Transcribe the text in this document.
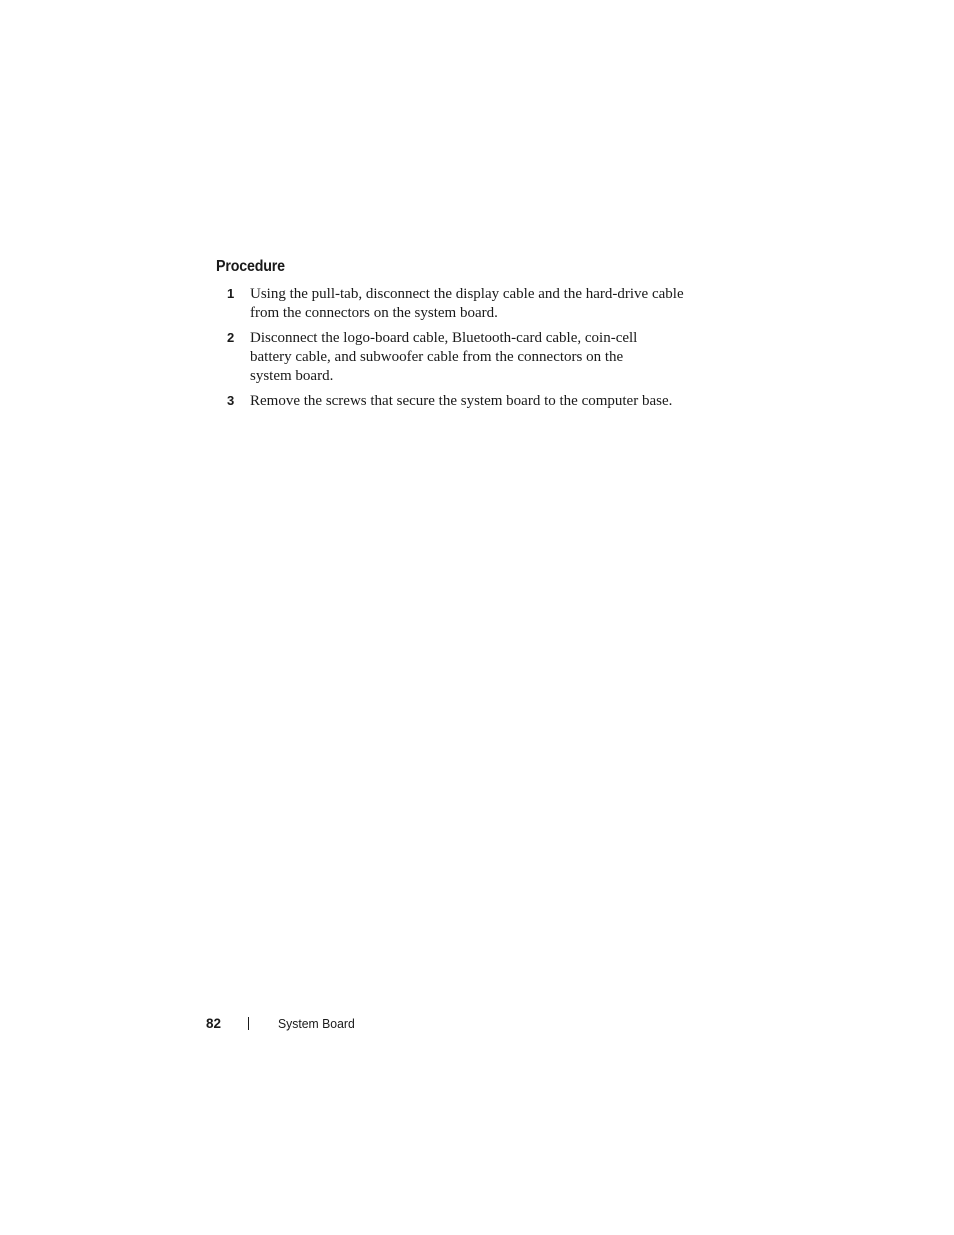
Procedure
1 Using the pull-tab, disconnect the display cable and the hard-drive cable from the connectors on the system board.
2 Disconnect the logo-board cable, Bluetooth-card cable, coin-cell battery cable, and subwoofer cable from the connectors on the system board.
3 Remove the screws that secure the system board to the computer base.
82	System Board
